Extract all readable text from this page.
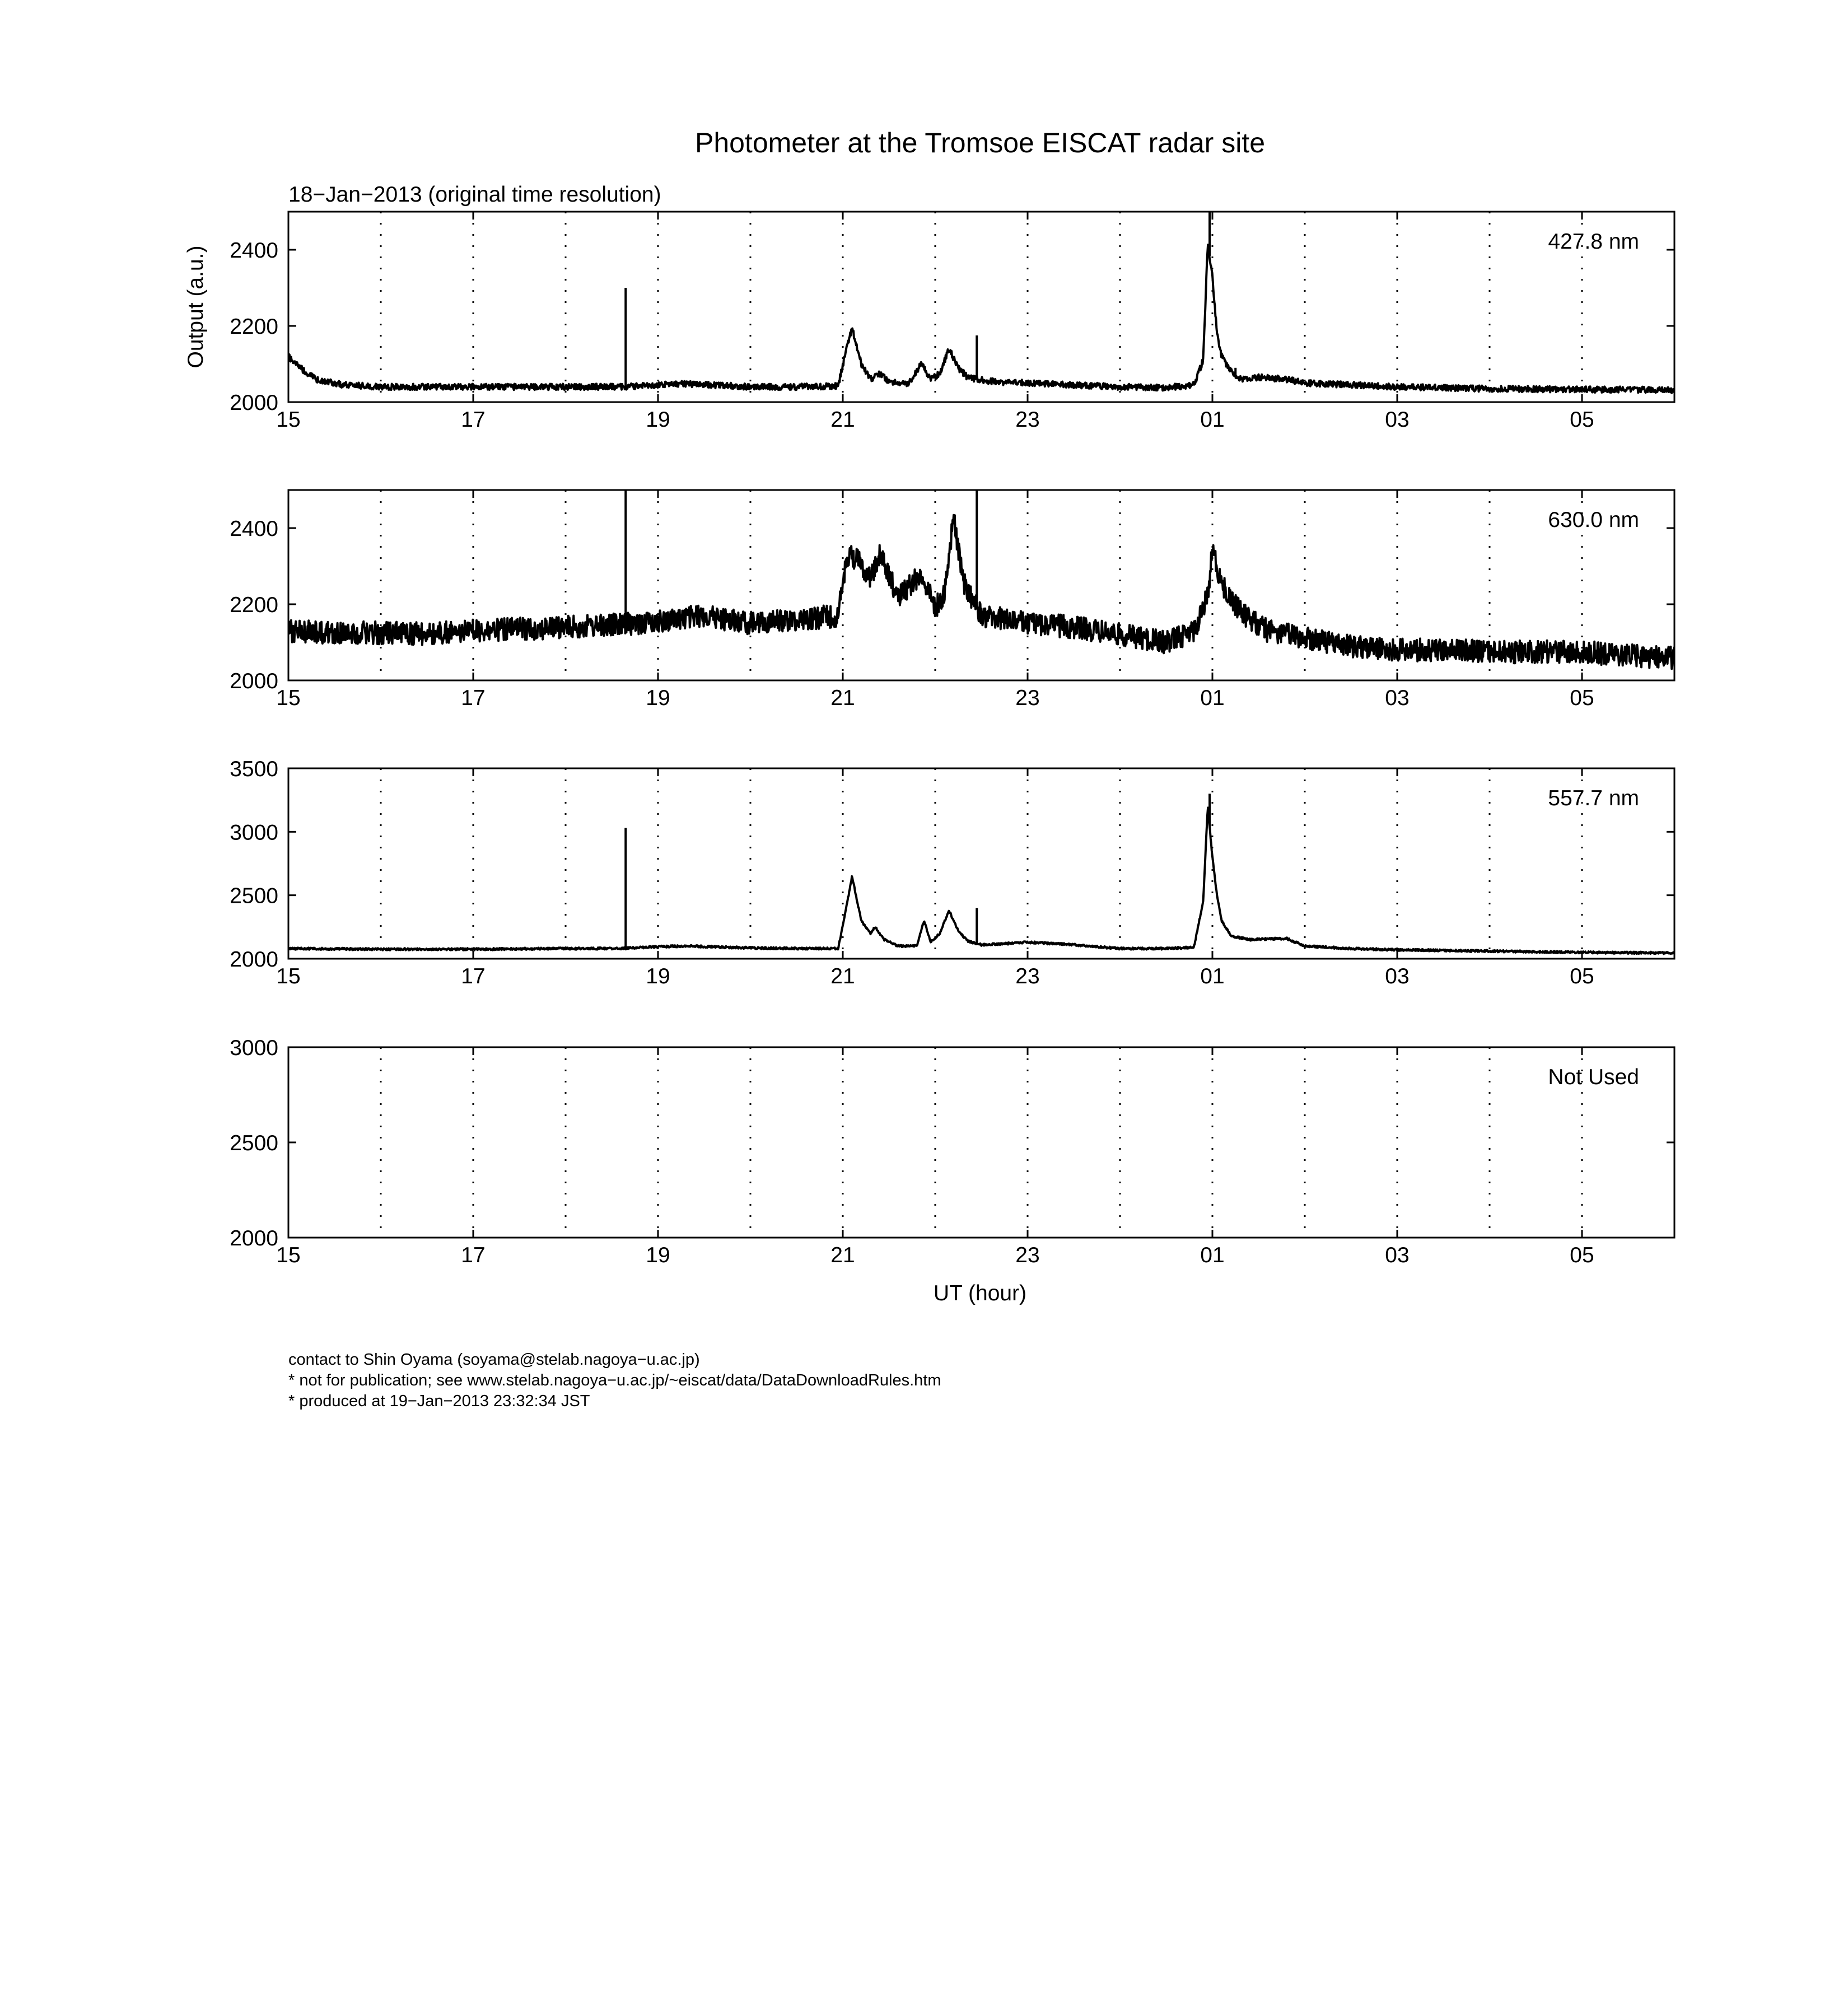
Photometer at the Tromsoe EISCAT radar site
18−Jan−2013 (original time resolution)
Output (a.u.)
UT (hour)
15	17	19	21	23	01	03	05
2000
2200
2400	427.8 nm
15	17	19	21	23	01	03	05
2000
2200
2400	630.0 nm
15	17	19	21	23	01	03	05
2000
2500
3000
3500
557.7 nm
15	17	19	21	23	01	03	05
2000
2500
3000
Not Used
contact to Shin Oyama (soyama@stelab.nagoya−u.ac.jp)
* not for publication; see www.stelab.nagoya−u.ac.jp/~eiscat/data/DataDownloadRules.htm
* produced at 19−Jan−2013 23:32:34 JST
